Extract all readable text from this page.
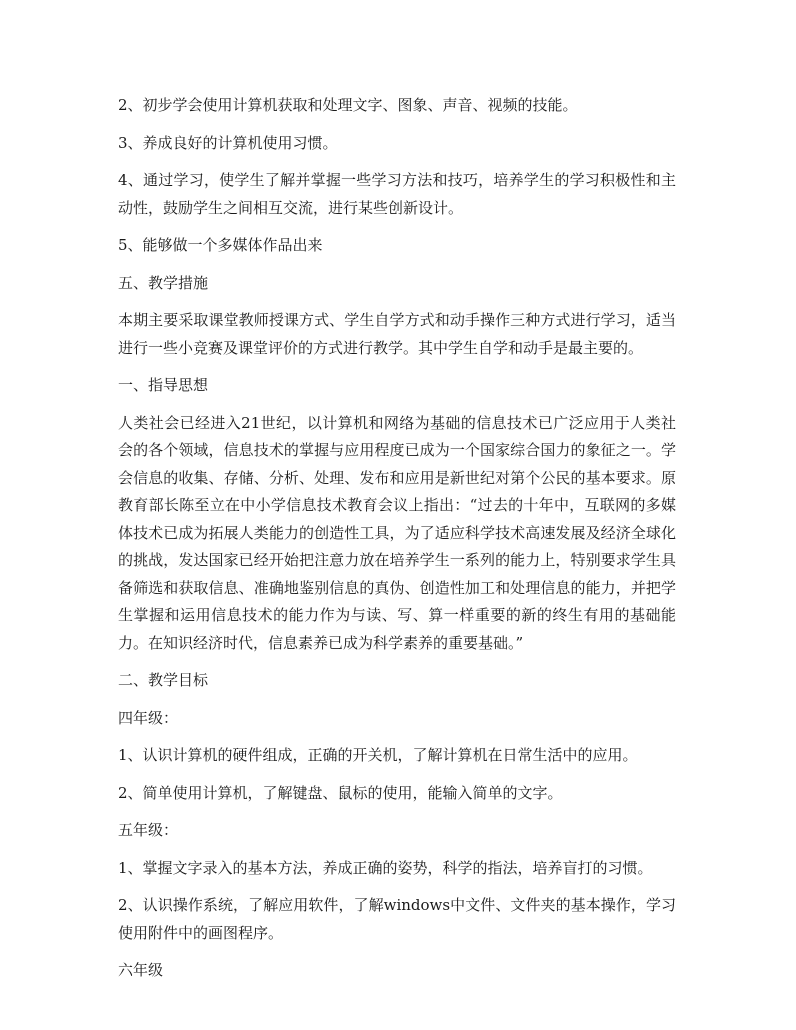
2、初步学会使用计算机获取和处理文字、图象、声音、视频的技能。

3、养成良好的计算机使用习惯。

4、通过学习，使学生了解并掌握一些学习方法和技巧，培养学生的学习积极性和主动性，鼓励学生之间相互交流，进行某些创新设计。

5、能够做一个多媒体作品出来

五、教学措施

本期主要采取课堂教师授课方式、学生自学方式和动手操作三种方式进行学习，适当进行一些小竞赛及课堂评价的方式进行教学。其中学生自学和动手是最主要的。

一、指导思想

人类社会已经进入21世纪，以计算机和网络为基础的信息技术已广泛应用于人类社会的各个领域，信息技术的掌握与应用程度已成为一个国家综合国力的象征之一。学会信息的收集、存储、分析、处理、发布和应用是新世纪对第个公民的基本要求。原教育部长陈至立在中小学信息技术教育会议上指出：“过去的十年中，互联网的多媒体技术已成为拓展人类能力的创造性工具，为了适应科学技术高速发展及经济全球化的挑战，发达国家已经开始把注意力放在培养学生一系列的能力上，特别要求学生具备筛选和获取信息、准确地鉴别信息的真伪、创造性加工和处理信息的能力，并把学生掌握和运用信息技术的能力作为与读、写、算一样重要的新的终生有用的基础能力。在知识经济时代，信息素养已成为科学素养的重要基础。”

二、教学目标

四年级：

1、认识计算机的硬件组成，正确的开关机，了解计算机在日常生活中的应用。

2、简单使用计算机，了解键盘、鼠标的使用，能输入简单的文字。

五年级：

1、掌握文字录入的基本方法，养成正确的姿势，科学的指法，培养盲打的习惯。

2、认识操作系统，了解应用软件，了解windows中文件、文件夹的基本操作，学习使用附件中的画图程序。

六年级
